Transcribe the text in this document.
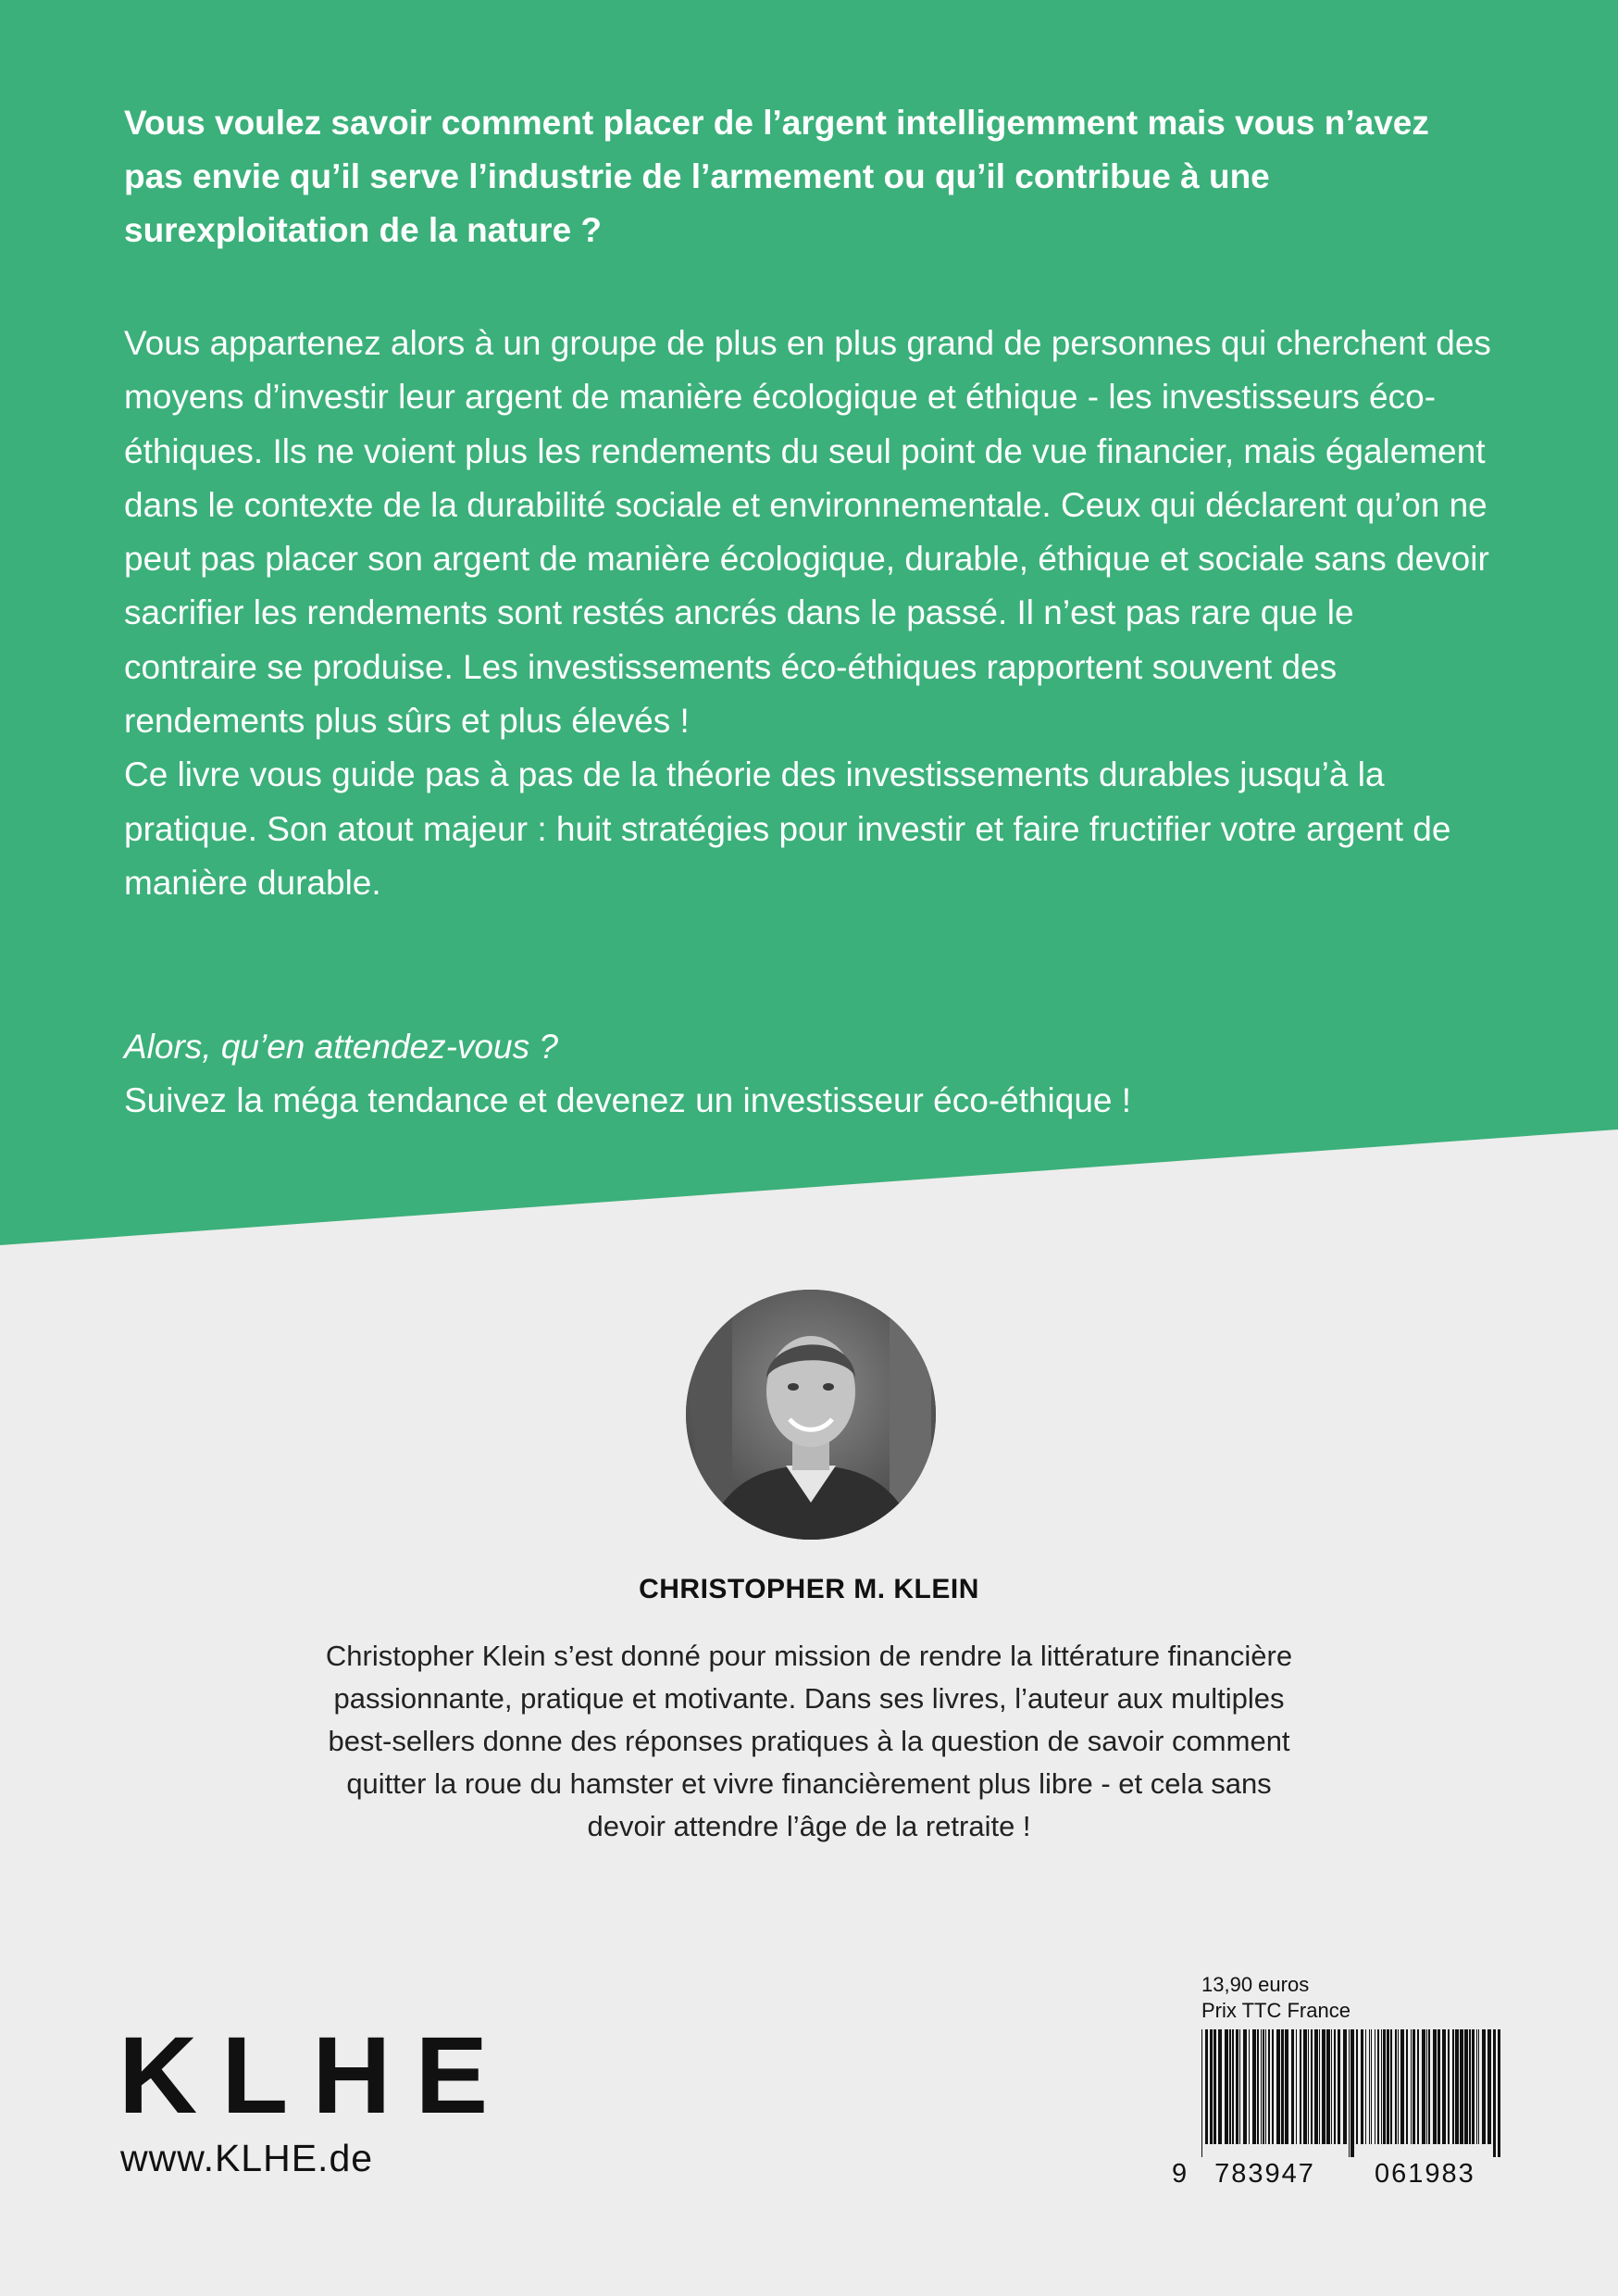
Vous voulez savoir comment placer de l’argent intelligemment mais vous n’avez pas envie qu’il serve l’industrie de l’armement ou qu’il contribue à une surexploitation de la nature ?

Vous appartenez alors à un groupe de plus en plus grand de personnes qui cherchent des moyens d’investir leur argent de manière écologique et éthique - les investisseurs éco-éthiques. Ils ne voient plus les rendements du seul point de vue financier, mais également dans le contexte de la durabilité sociale et environnementale. Ceux qui déclarent qu’on ne peut pas placer son argent de manière écologique, durable, éthique et sociale sans devoir sacrifier les rendements sont restés ancrés dans le passé. Il n’est pas rare que le contraire se produise. Les investissements éco-éthiques rapportent souvent des rendements plus sûrs et plus élevés !

Ce livre vous guide pas à pas de la théorie des investissements durables jusqu’à la pratique. Son atout majeur : huit stratégies pour investir et faire fructifier votre argent de manière durable.

Alors, qu’en attendez-vous ?
Suivez la méga tendance et devenez un investisseur éco-éthique !
CHRISTOPHER M. KLEIN

Christopher Klein s’est donné pour mission de rendre la littérature financière passionnante, pratique et motivante. Dans ses livres, l’auteur aux multiples best-sellers donne des réponses pratiques à la question de savoir comment quitter la roue du hamster et vivre financièrement plus libre - et cela sans devoir attendre l’âge de la retraite !

KLHE
www.KLHE.de
13,90 euros
Prix TTC France
9 783947 061983
